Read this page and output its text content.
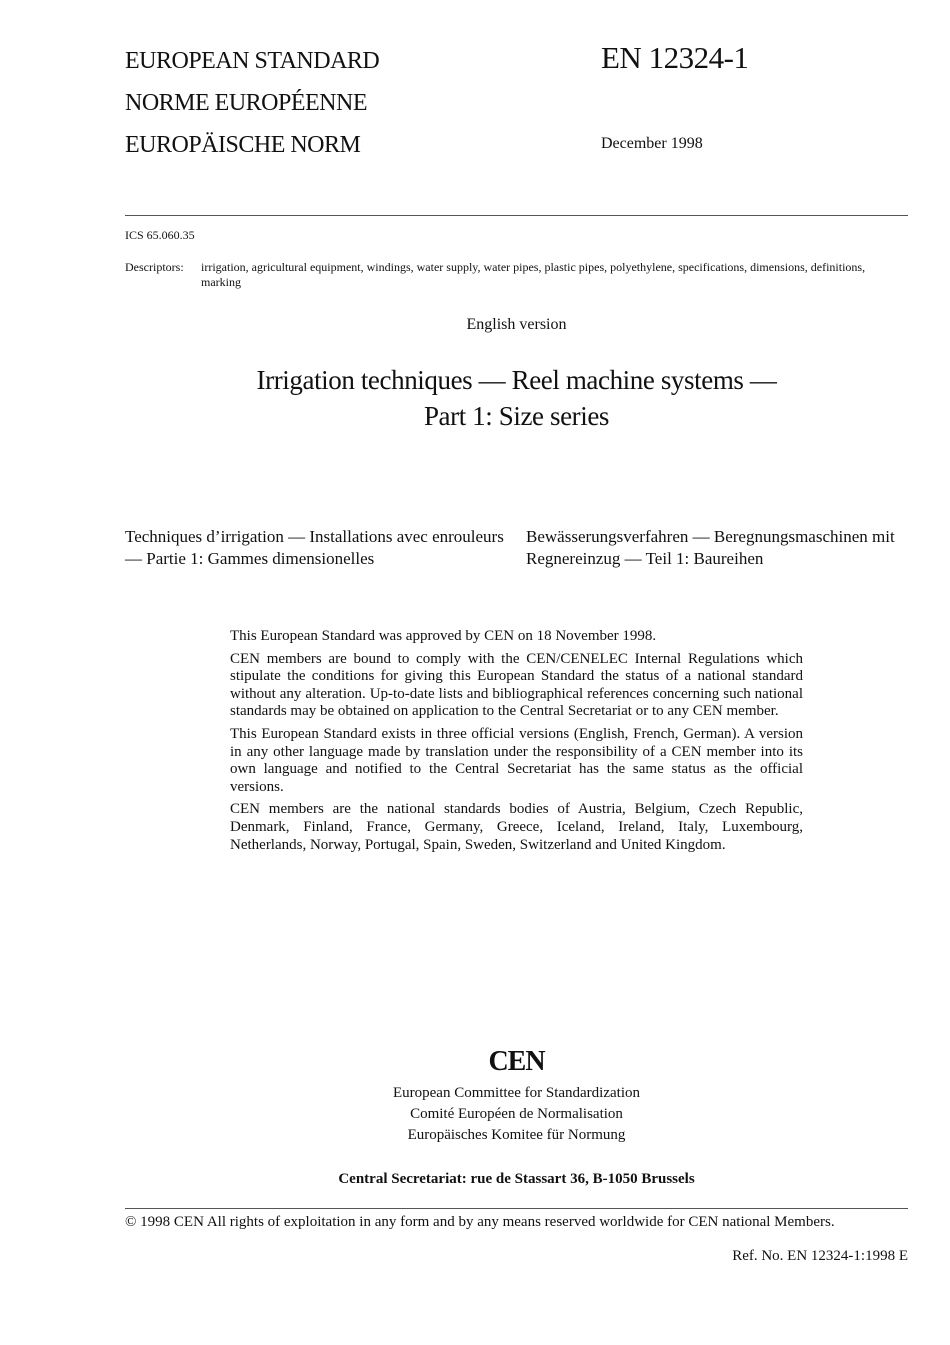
EUROPEAN STANDARD
NORME EUROPÉENNE
EUROPÄISCHE NORM
EN 12324-1
December 1998
ICS 65.060.35
Descriptors:	irrigation, agricultural equipment, windings, water supply, water pipes, plastic pipes, polyethylene, specifications, dimensions, definitions, marking
English version
Irrigation techniques — Reel machine systems —
Part 1: Size series
Techniques d’irrigation — Installations avec enrouleurs — Partie 1: Gammes dimensionelles
Bewässerungsverfahren — Beregnungsmaschinen mit Regnereinzug — Teil 1: Baureihen

This European Standard was approved by CEN on 18 November 1998.

CEN members are bound to comply with the CEN/CENELEC Internal Regulations which stipulate the conditions for giving this European Standard the status of a national standard without any alteration. Up-to-date lists and bibliographical references concerning such national standards may be obtained on application to the Central Secretariat or to any CEN member.

This European Standard exists in three official versions (English, French, German). A version in any other language made by translation under the responsibility of a CEN member into its own language and notified to the Central Secretariat has the same status as the official versions.

CEN members are the national standards bodies of Austria, Belgium, Czech Republic, Denmark, Finland, France, Germany, Greece, Iceland, Ireland, Italy, Luxembourg, Netherlands, Norway, Portugal, Spain, Sweden, Switzerland and United Kingdom.

CEN
European Committee for Standardization
Comité Européen de Normalisation
Europäisches Komitee für Normung
Central Secretariat: rue de Stassart 36, B-1050 Brussels
© 1998 CEN All rights of exploitation in any form and by any means reserved worldwide for CEN national Members.
Ref. No. EN 12324-1:1998 E
